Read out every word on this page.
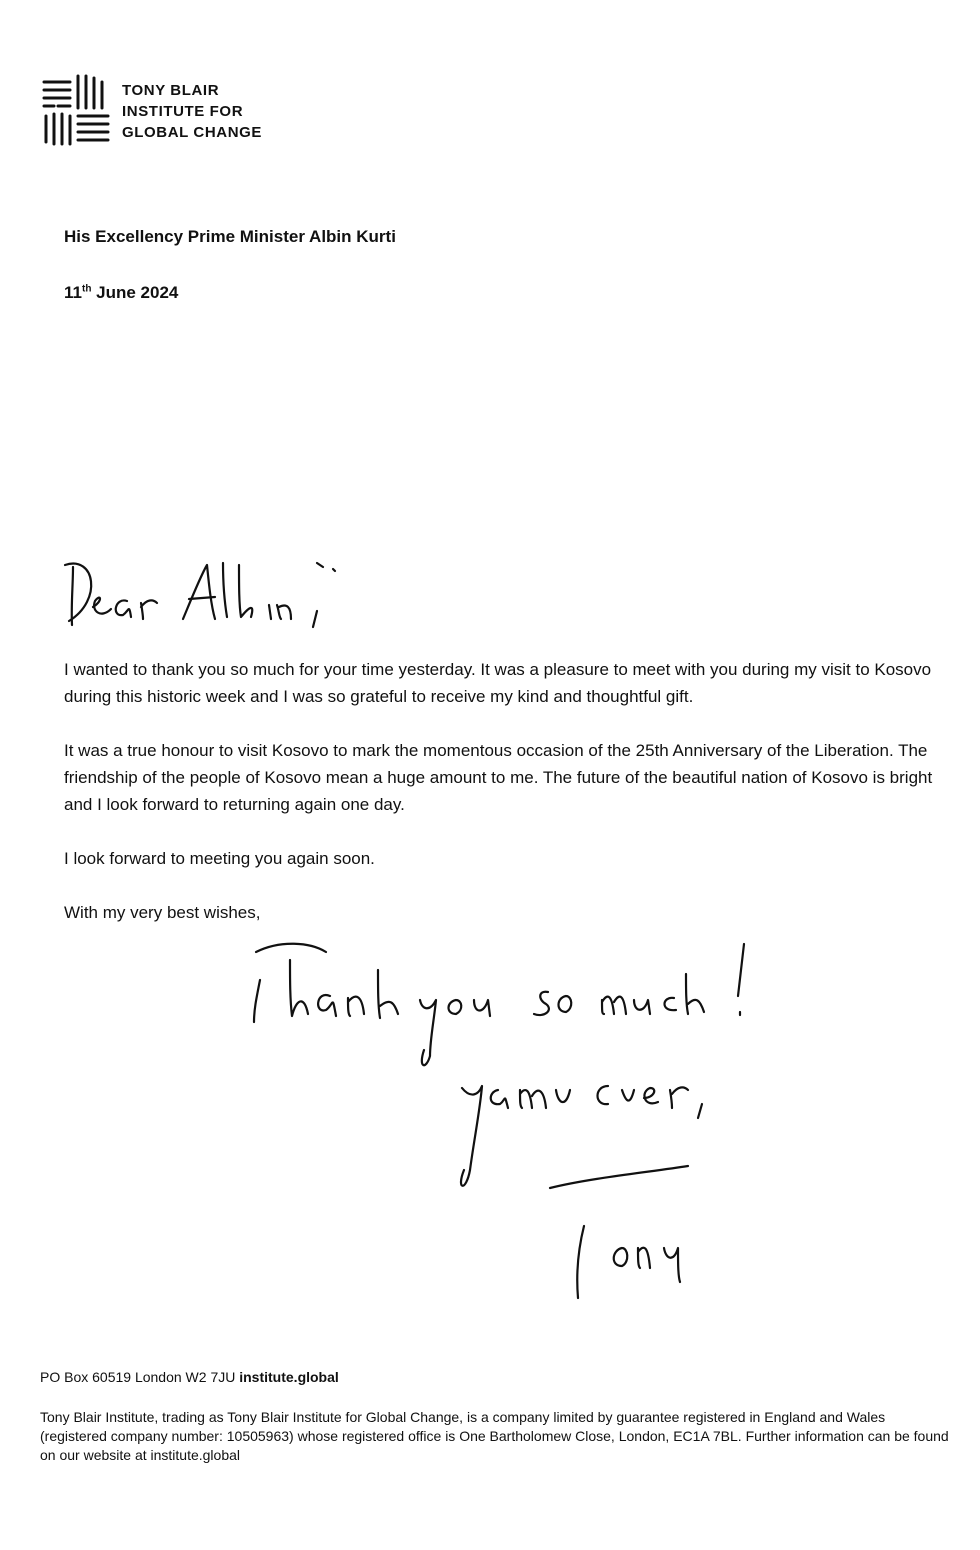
TONY BLAIR
INSTITUTE FOR
GLOBAL CHANGE
His Excellency Prime Minister Albin Kurti
11th June 2024

I wanted to thank you so much for your time yesterday. It was a pleasure to meet with you during my visit to Kosovo during this historic week and I was so grateful to receive my kind and thoughtful gift.

It was a true honour to visit Kosovo to mark the momentous occasion of the 25th Anniversary of the Liberation. The friendship of the people of Kosovo mean a huge amount to me. The future of the beautiful nation of Kosovo is bright and I look forward to returning again one day.

I look forward to meeting you again soon.

With my very best wishes,

PO Box 60519 London W2 7JU institute.global

Tony Blair Institute, trading as Tony Blair Institute for Global Change, is a company limited by guarantee registered in England and Wales (registered company number: 10505963) whose registered office is One Bartholomew Close, London, EC1A 7BL. Further information can be found on our website at institute.global
